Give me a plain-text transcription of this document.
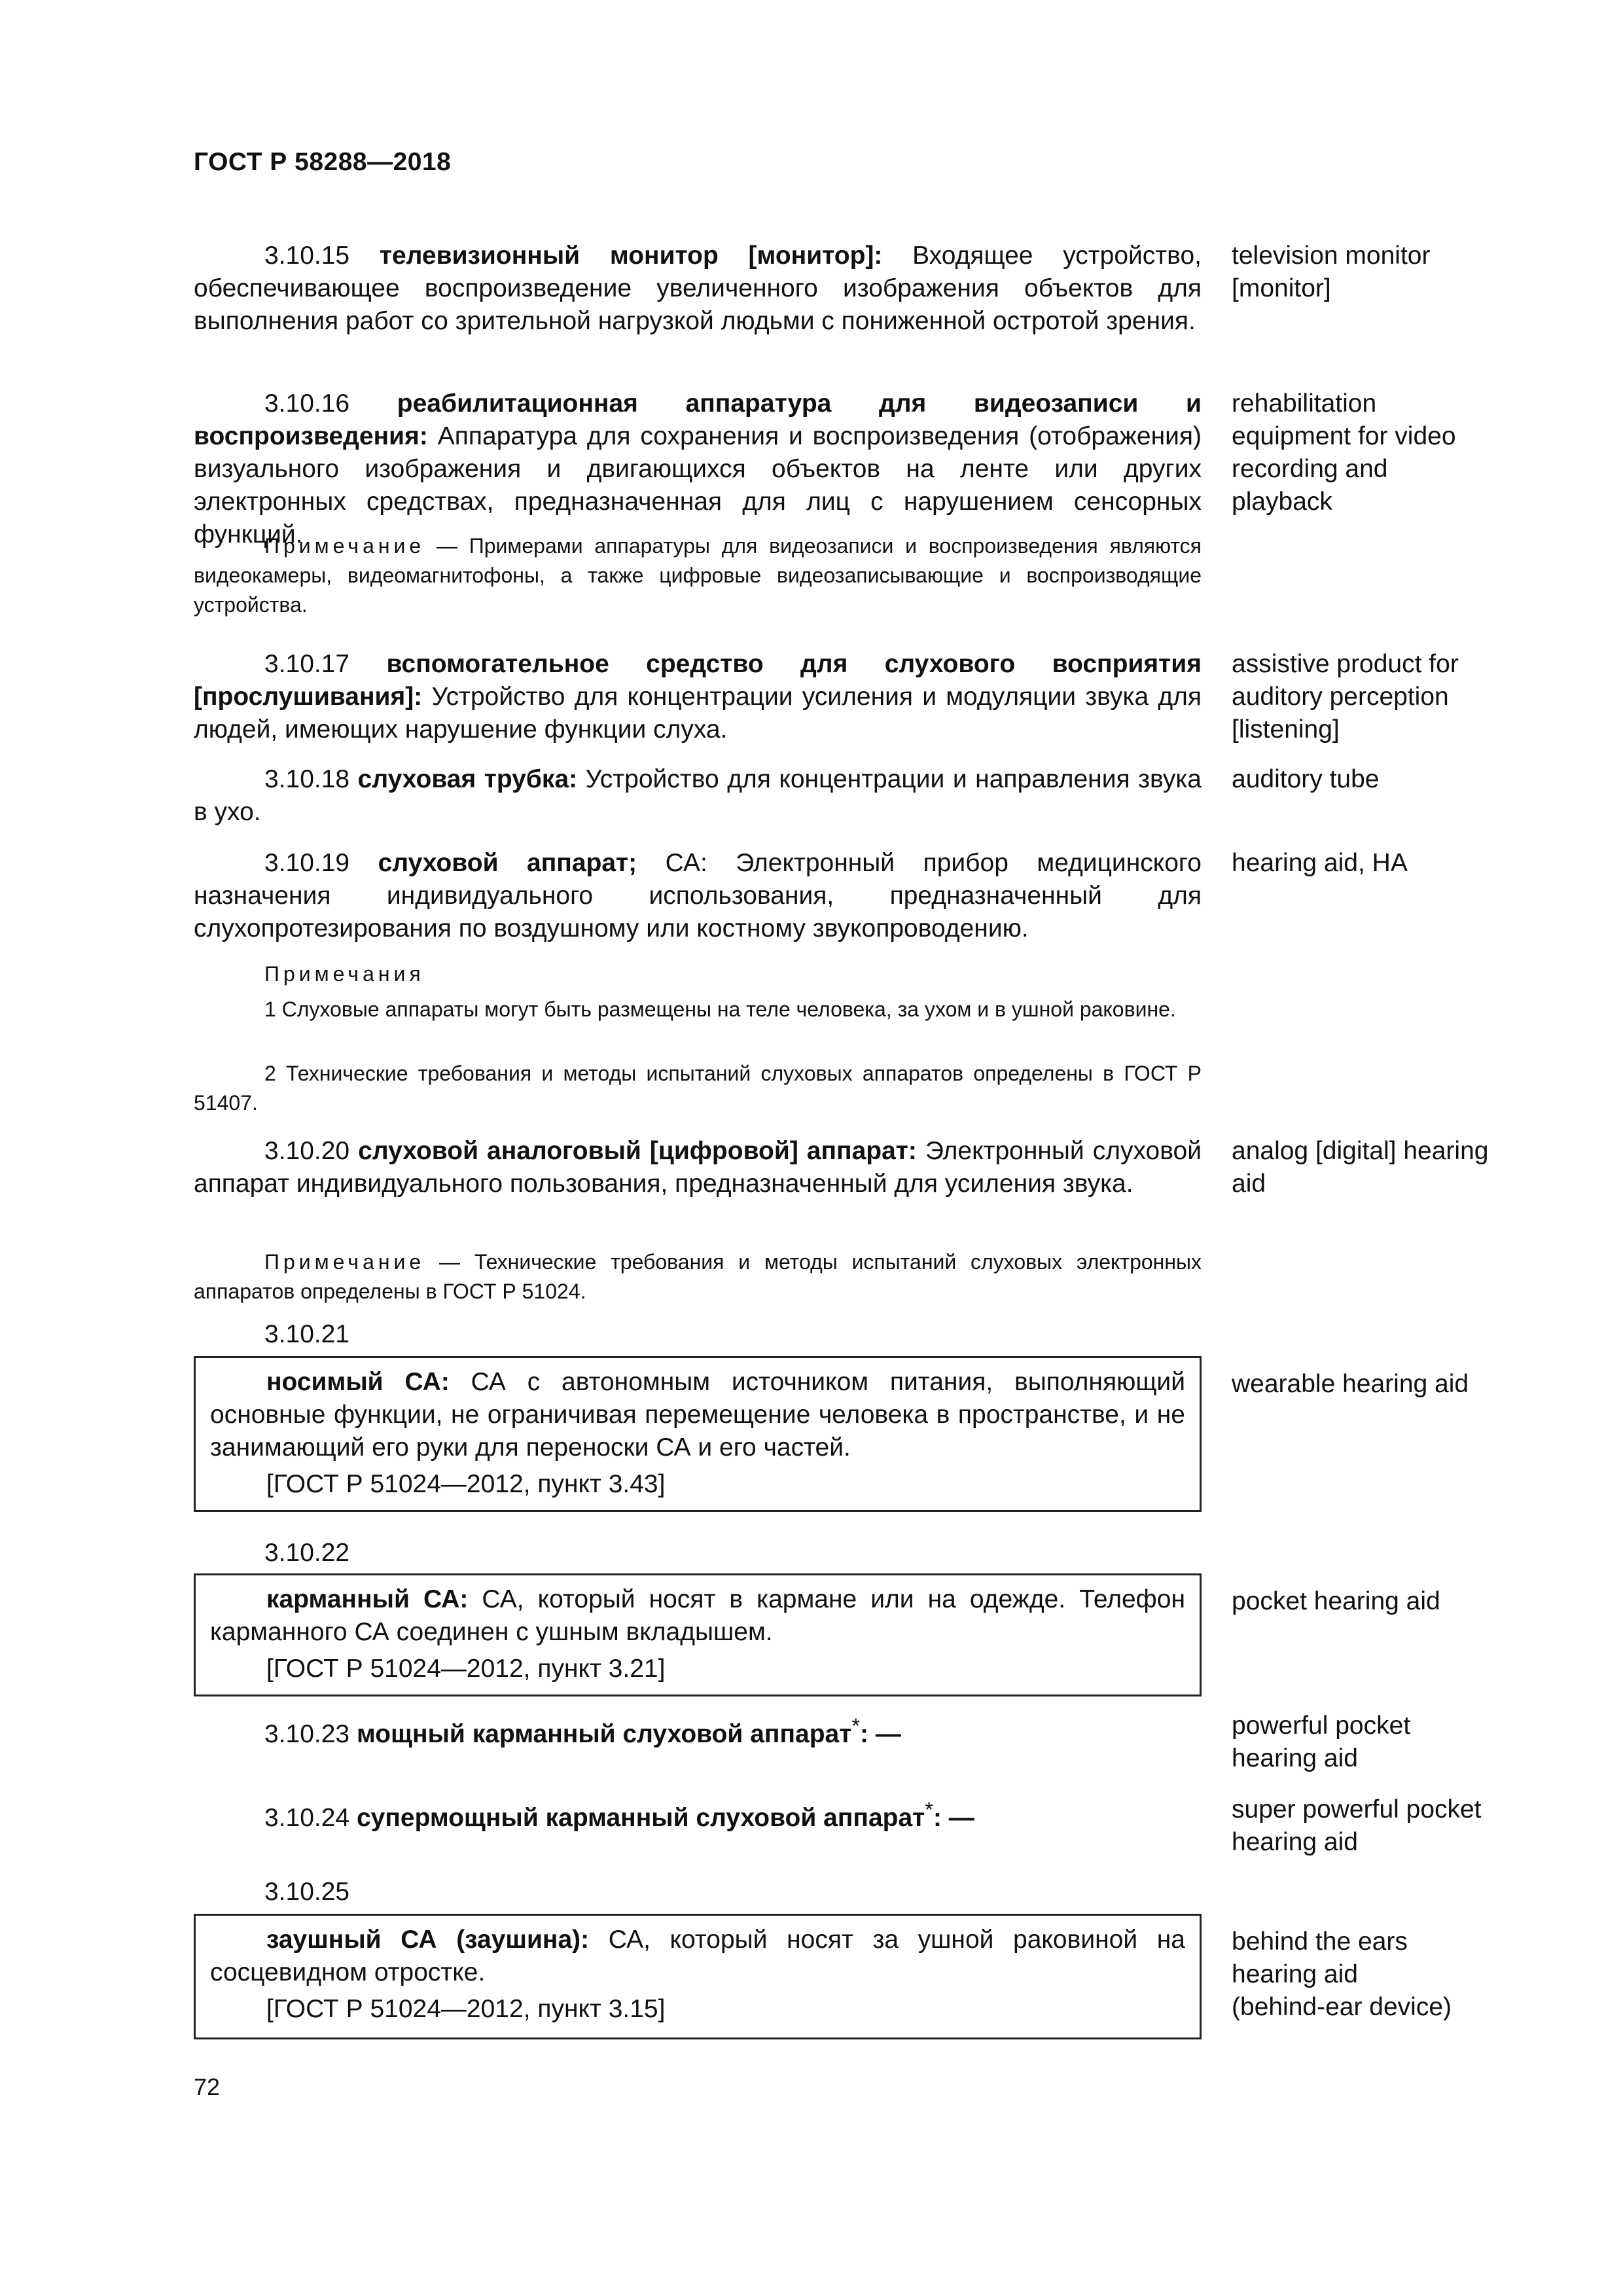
ГОСТ Р 58288—2018

3.10.15 телевизионный монитор [монитор]: Входящее устройство, обеспечивающее воспроизведение увеличенного изображения объектов для выполнения работ со зрительной нагрузкой людьми с пониженной остротой зрения.

television monitor
[monitor]

3.10.16 реабилитационная аппаратура для видеозаписи и воспроизведения: Аппаратура для сохранения и воспроизведения (отображения) визуального изображения и двигающихся объектов на ленте или других электронных средствах, предназначенная для лиц с нарушением сенсорных функций.

rehabilitation
equipment for video
recording and
playback

Примечание — Примерами аппаратуры для видеозаписи и воспроизведения являются видеокамеры, видеомагнитофоны, а также цифровые видеозаписывающие и воспроизводящие устройства.

3.10.17 вспомогательное средство для слухового восприятия [прослушивания]: Устройство для концентрации усиления и модуляции звука для людей, имеющих нарушение функции слуха.

assistive product for
auditory perception
[listening]

3.10.18 слуховая трубка: Устройство для концентрации и направления звука в ухо.

auditory tube

3.10.19 слуховой аппарат; СА: Электронный прибор медицинского назначения индивидуального использования, предназначенный для слухопротезирования по воздушному или костному звукопроводению.

hearing aid, HA

Примечания

1 Слуховые аппараты могут быть размещены на теле человека, за ухом и в ушной раковине.

2 Технические требования и методы испытаний слуховых аппаратов определены в ГОСТ Р 51407.

3.10.20 слуховой аналоговый [цифровой] аппарат: Электронный слуховой аппарат индивидуального пользования, предназначенный для усиления звука.

analog [digital] hearing
aid

Примечание — Технические требования и методы испытаний слуховых электронных аппаратов определены в ГОСТ Р 51024.

3.10.21

носимый СА: СА с автономным источником питания, выполняющий основные функции, не ограничивая перемещение человека в пространстве, и не занимающий его руки для переноски СА и его частей.

[ГОСТ Р 51024—2012, пункт 3.43]

wearable hearing aid

3.10.22

карманный СА: СА, который носят в кармане или на одежде. Телефон карманного СА соединен с ушным вкладышем.

[ГОСТ Р 51024—2012, пункт 3.21]

pocket hearing aid

3.10.23 мощный карманный слуховой аппарат*: —	powerful pocket
hearing aid

3.10.24 супермощный карманный слуховой аппарат*: —	super powerful pocket
hearing aid

3.10.25

заушный СА (заушина): СА, который носят за ушной раковиной на сосцевидном отростке.

[ГОСТ Р 51024—2012, пункт 3.15]

behind the ears
hearing aid
(behind-ear device)

72
